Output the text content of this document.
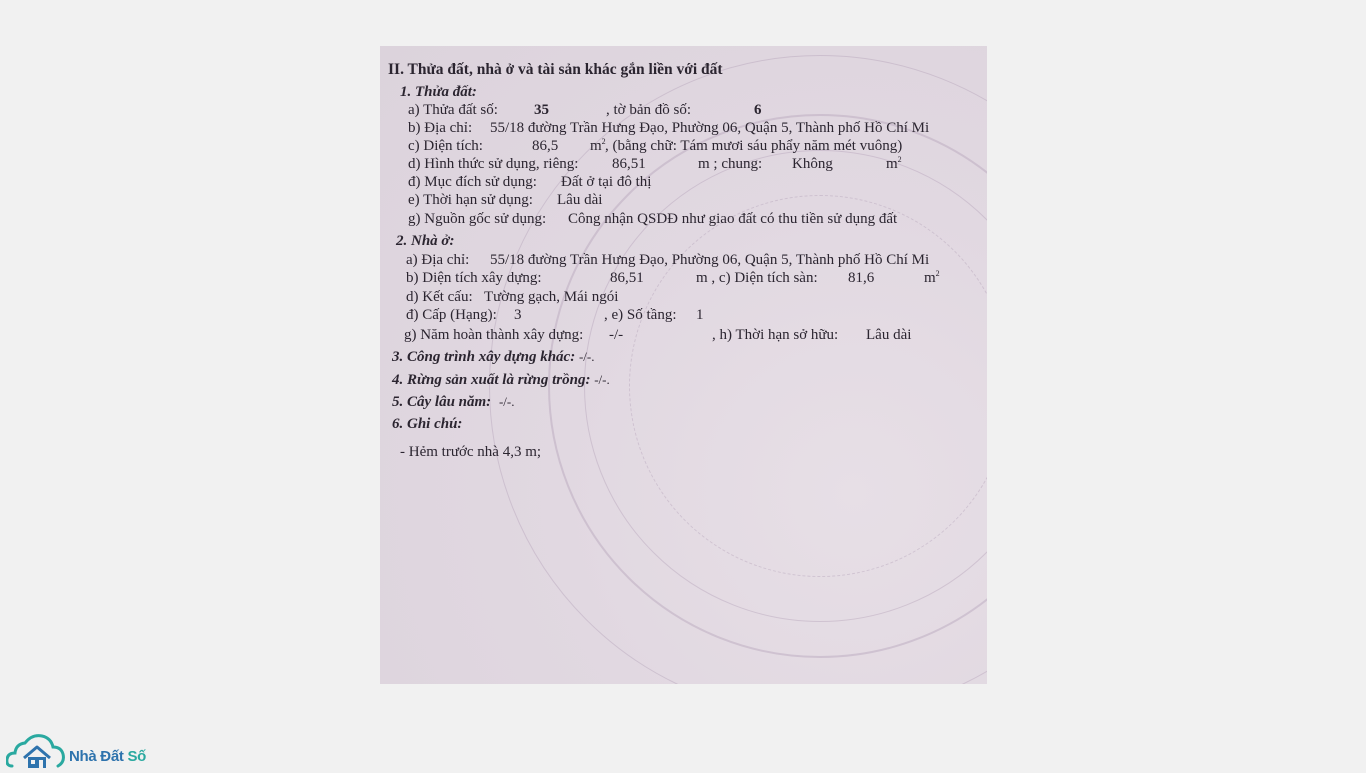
II. Thửa đất, nhà ở và tài sản khác gắn liền với đất
1. Thửa đất:
a) Thửa đất số: 35	, tờ bản đồ số:	6
b) Địa chỉ: 55/18 đường Trần Hưng Đạo, Phường 06, Quận 5, Thành phố Hồ Chí Mi
c) Diện tích:	86,5 $m^2$ , (bằng chữ: Tám mươi sáu phẩy năm mét vuông)
d) Hình thức sử dụng, riêng: 86,51	m ; chung: Không	$m^2$
đ) Mục đích sử dụng: Đất ở tại đô thị
e) Thời hạn sử dụng: Lâu dài
g) Nguồn gốc sử dụng: Công nhận QSDĐ như giao đất có thu tiền sử dụng đất
2. Nhà ở:
a) Địa chỉ: 55/18 đường Trần Hưng Đạo, Phường 06, Quận 5, Thành phố Hồ Chí Mi
b) Diện tích xây dựng:	86,51	m , c) Diện tích sàn: 81,6	$m^2$
d) Kết cấu: Tường gạch, Mái ngói
đ) Cấp (Hạng): 3	, e) Số tầng: 1
g) Năm hoàn thành xây dựng: -/-	, h) Thời hạn sở hữu: Lâu dài
3. Công trình xây dựng khác: -/-.
4. Rừng sản xuất là rừng trồng: -/-.
5. Cây lâu năm: -/-.
6. Ghi chú:
- Hẻm trước nhà 4,3 m;
Nhà Đất Số
